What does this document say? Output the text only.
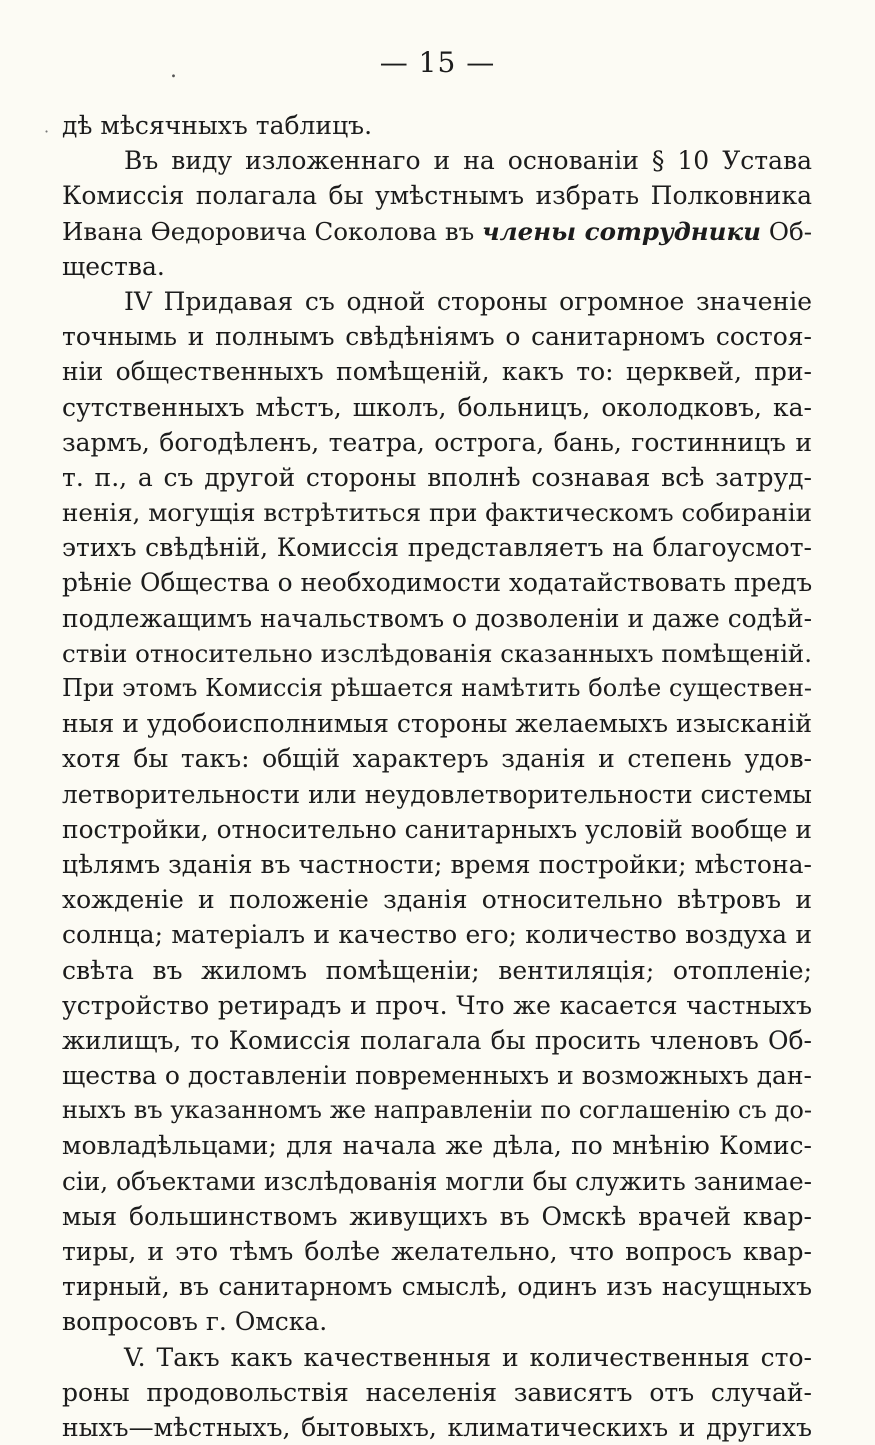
.
·
— 15 —
дѣ мѣсячныхъ таблицъ.
Въ виду изложеннаго и на основаніи § 10 Устава
Комиссія полагала бы умѣстнымъ избрать Полковника
Ивана Ѳедоровича Соколова въ члены сотрудники Об-
щества.
IV Придавая съ одной стороны огромное значеніе
точнымь и полнымъ свѣдѣніямъ о санитарномъ состоя-
ніи общественныхъ помѣщеній, какъ то: церквей, при-
сутственныхъ мѣстъ, школъ, больницъ, околодковъ, ка-
зармъ, богодѣленъ, театра, острога, бань, гостинницъ и
т. п., а съ другой стороны вполнѣ сознавая всѣ затруд-
ненія, могущія встрѣтиться при фактическомъ собираніи
этихъ свѣдѣній, Комиссія представляетъ на благоусмот-
рѣніе Общества о необходимости ходатайствовать предъ
подлежащимъ начальствомъ о дозволеніи и даже содѣй-
ствіи относительно изслѣдованія сказанныхъ помѣщеній.
При этомъ Комиссія рѣшается намѣтить болѣе существен-
ныя и удобоисполнимыя стороны желаемыхъ изысканій
хотя бы такъ: общій характеръ зданія и степень удов-
летворительности или неудовлетворительности системы
постройки, относительно санитарныхъ условій вообще и
цѣлямъ зданія въ частности; время постройки; мѣстона-
хожденіе и положеніе зданія относительно вѣтровъ и
солнца; матеріалъ и качество его; количество воздуха и
свѣта въ жиломъ помѣщеніи; вентиляція; отопленіе;
устройство ретирадъ и проч. Что же касается частныхъ
жилищъ, то Комиссія полагала бы просить членовъ Об-
щества о доставленіи повременныхъ и возможныхъ дан-
ныхъ въ указанномъ же направленіи по соглашенію съ до-
мовладѣльцами; для начала же дѣла, по мнѣнію Комис-
сіи, объектами изслѣдованія могли бы служить занимае-
мыя большинствомъ живущихъ въ Омскѣ врачей квар-
тиры, и это тѣмъ болѣе желательно, что вопросъ квар-
тирный, въ санитарномъ смыслѣ, одинъ изъ насущныхъ
вопросовъ г. Омска.
V. Такъ какъ качественныя и количественныя сто-
роны продовольствія населенія зависятъ отъ случай-
ныхъ—мѣстныхъ, бытовыхъ, климатическихъ и другихъ
